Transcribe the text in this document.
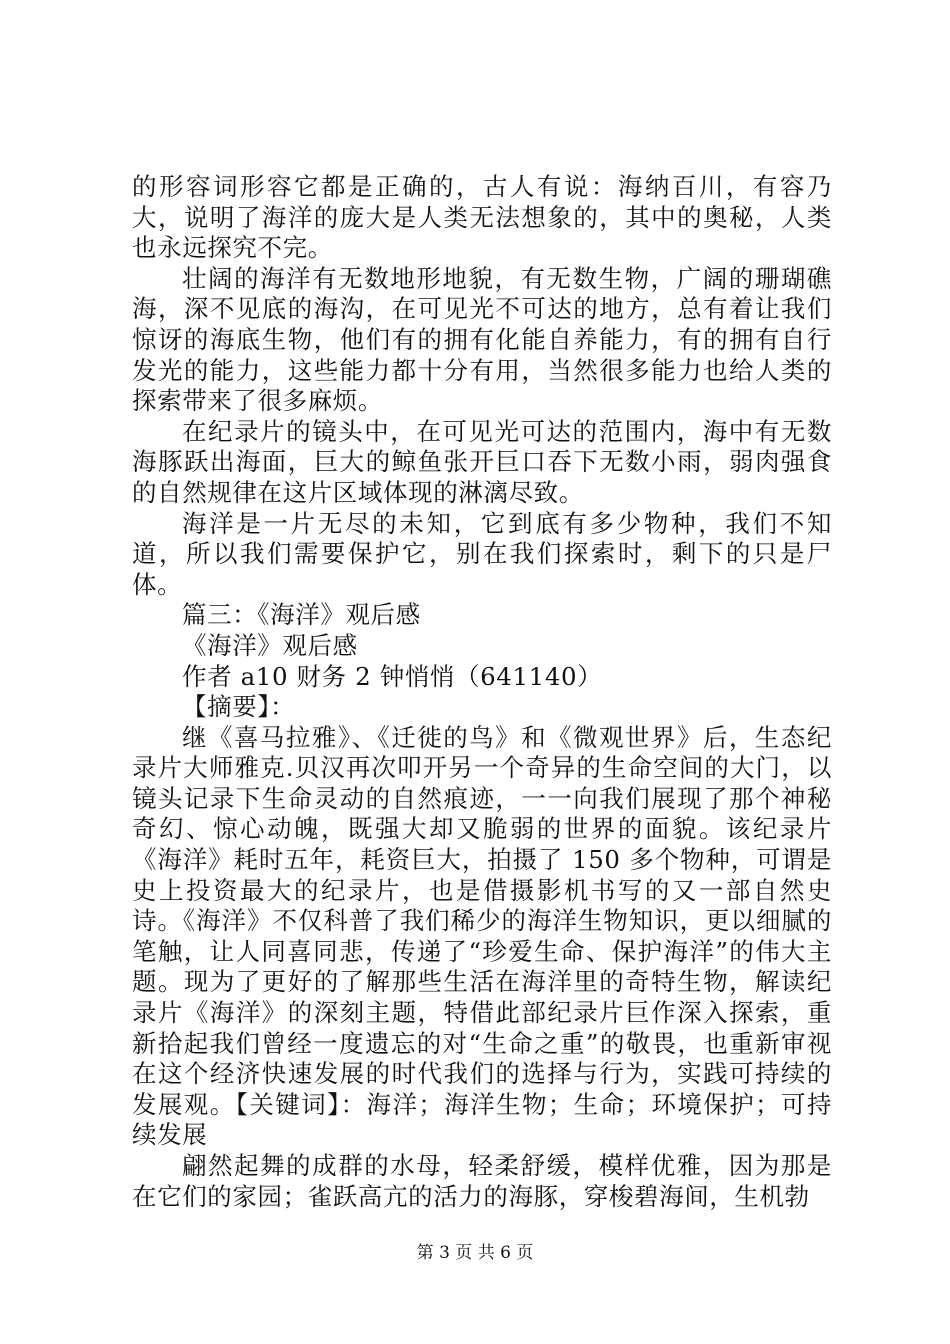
的形容词形容它都是正确的，古人有说：海纳百川，有容乃大，说明了海洋的庞大是人类无法想象的，其中的奥秘，人类也永远探究不完。

壮阔的海洋有无数地形地貌，有无数生物，广阔的珊瑚礁海，深不见底的海沟，在可见光不可达的地方，总有着让我们惊讶的海底生物，他们有的拥有化能自养能力，有的拥有自行发光的能力，这些能力都十分有用，当然很多能力也给人类的探索带来了很多麻烦。

在纪录片的镜头中，在可见光可达的范围内，海中有无数海豚跃出海面，巨大的鲸鱼张开巨口吞下无数小雨，弱肉强食的自然规律在这片区域体现的淋漓尽致。

海洋是一片无尽的未知，它到底有多少物种，我们不知道，所以我们需要保护它，别在我们探索时，剩下的只是尸体。

篇三：《海洋》观后感

《海洋》观后感

作者 a10 财务 2 钟悄悄（641140）

【摘要】：

继《喜马拉雅》、《迁徙的鸟》和《微观世界》后，生态纪录片大师雅克.贝汉再次叩开另一个奇异的生命空间的大门，以镜头记录下生命灵动的自然痕迹，一一向我们展现了那个神秘奇幻、惊心动魄，既强大却又脆弱的世界的面貌。该纪录片《海洋》耗时五年，耗资巨大，拍摄了 150 多个物种，可谓是史上投资最大的纪录片，也是借摄影机书写的又一部自然史诗。《海洋》不仅科普了我们稀少的海洋生物知识，更以细腻的笔触，让人同喜同悲，传递了“珍爱生命、保护海洋”的伟大主题。现为了更好的了解那些生活在海洋里的奇特生物，解读纪录片《海洋》的深刻主题，特借此部纪录片巨作深入探索，重新拾起我们曾经一度遗忘的对“生命之重”的敬畏，也重新审视在这个经济快速发展的时代我们的选择与行为，实践可持续的发展观。【关键词】：海洋；海洋生物；生命；环境保护；可持续发展

翩然起舞的成群的水母，轻柔舒缓，模样优雅，因为那是在它们的家园；雀跃高亢的活力的海豚，穿梭碧海间，生机勃

第 3 页 共 6 页
